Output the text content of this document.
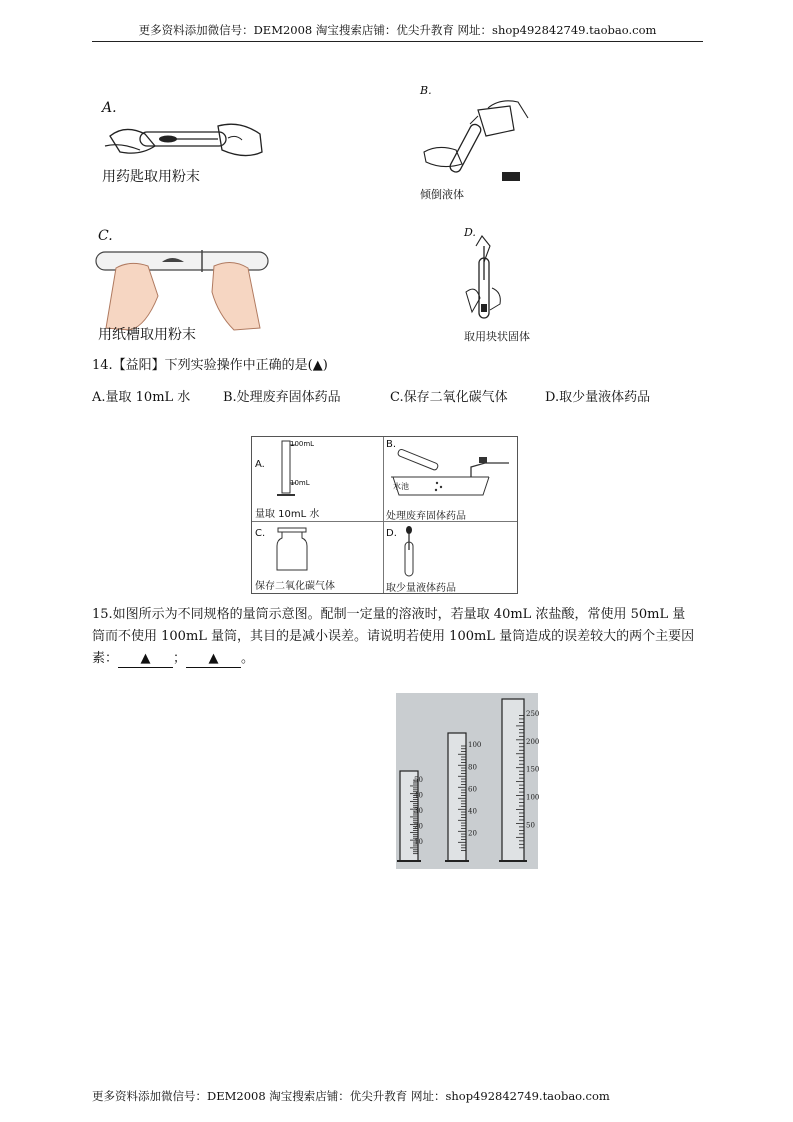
更多资料添加微信号：DEM2008 淘宝搜索店铺：优尖升教育 网址：shop492842749.taobao.com
A.
用药匙取用粉末
B.
倾倒液体
C.
用纸槽取用粉末
D.
取用块状固体
14.【益阳】下列实验操作中正确的是(▲)
A.量取 10mL 水	B.处理废弃固体药品	C.保存二氧化碳气体	D.取少量液体药品
A.
100mL
10mL
量取 10mL 水
B.
水池
处理废弃固体药品
C.
保存二氧化碳气体
D.
取少量液体药品
15.如图所示为不同规格的量筒示意图。配制一定量的溶液时，若量取 40mL 浓盐酸，常使用 50mL 量
筒而不使用 100mL 量筒，其目的是减小误差。请说明若使用 100mL 量筒造成的误差较大的两个主要因
素： ▲ ； ▲ 。
50
40
30
20
10
100
80
60
40
20
250
200
150
100
50
更多资料添加微信号：DEM2008 淘宝搜索店铺：优尖升教育 网址：shop492842749.taobao.com
